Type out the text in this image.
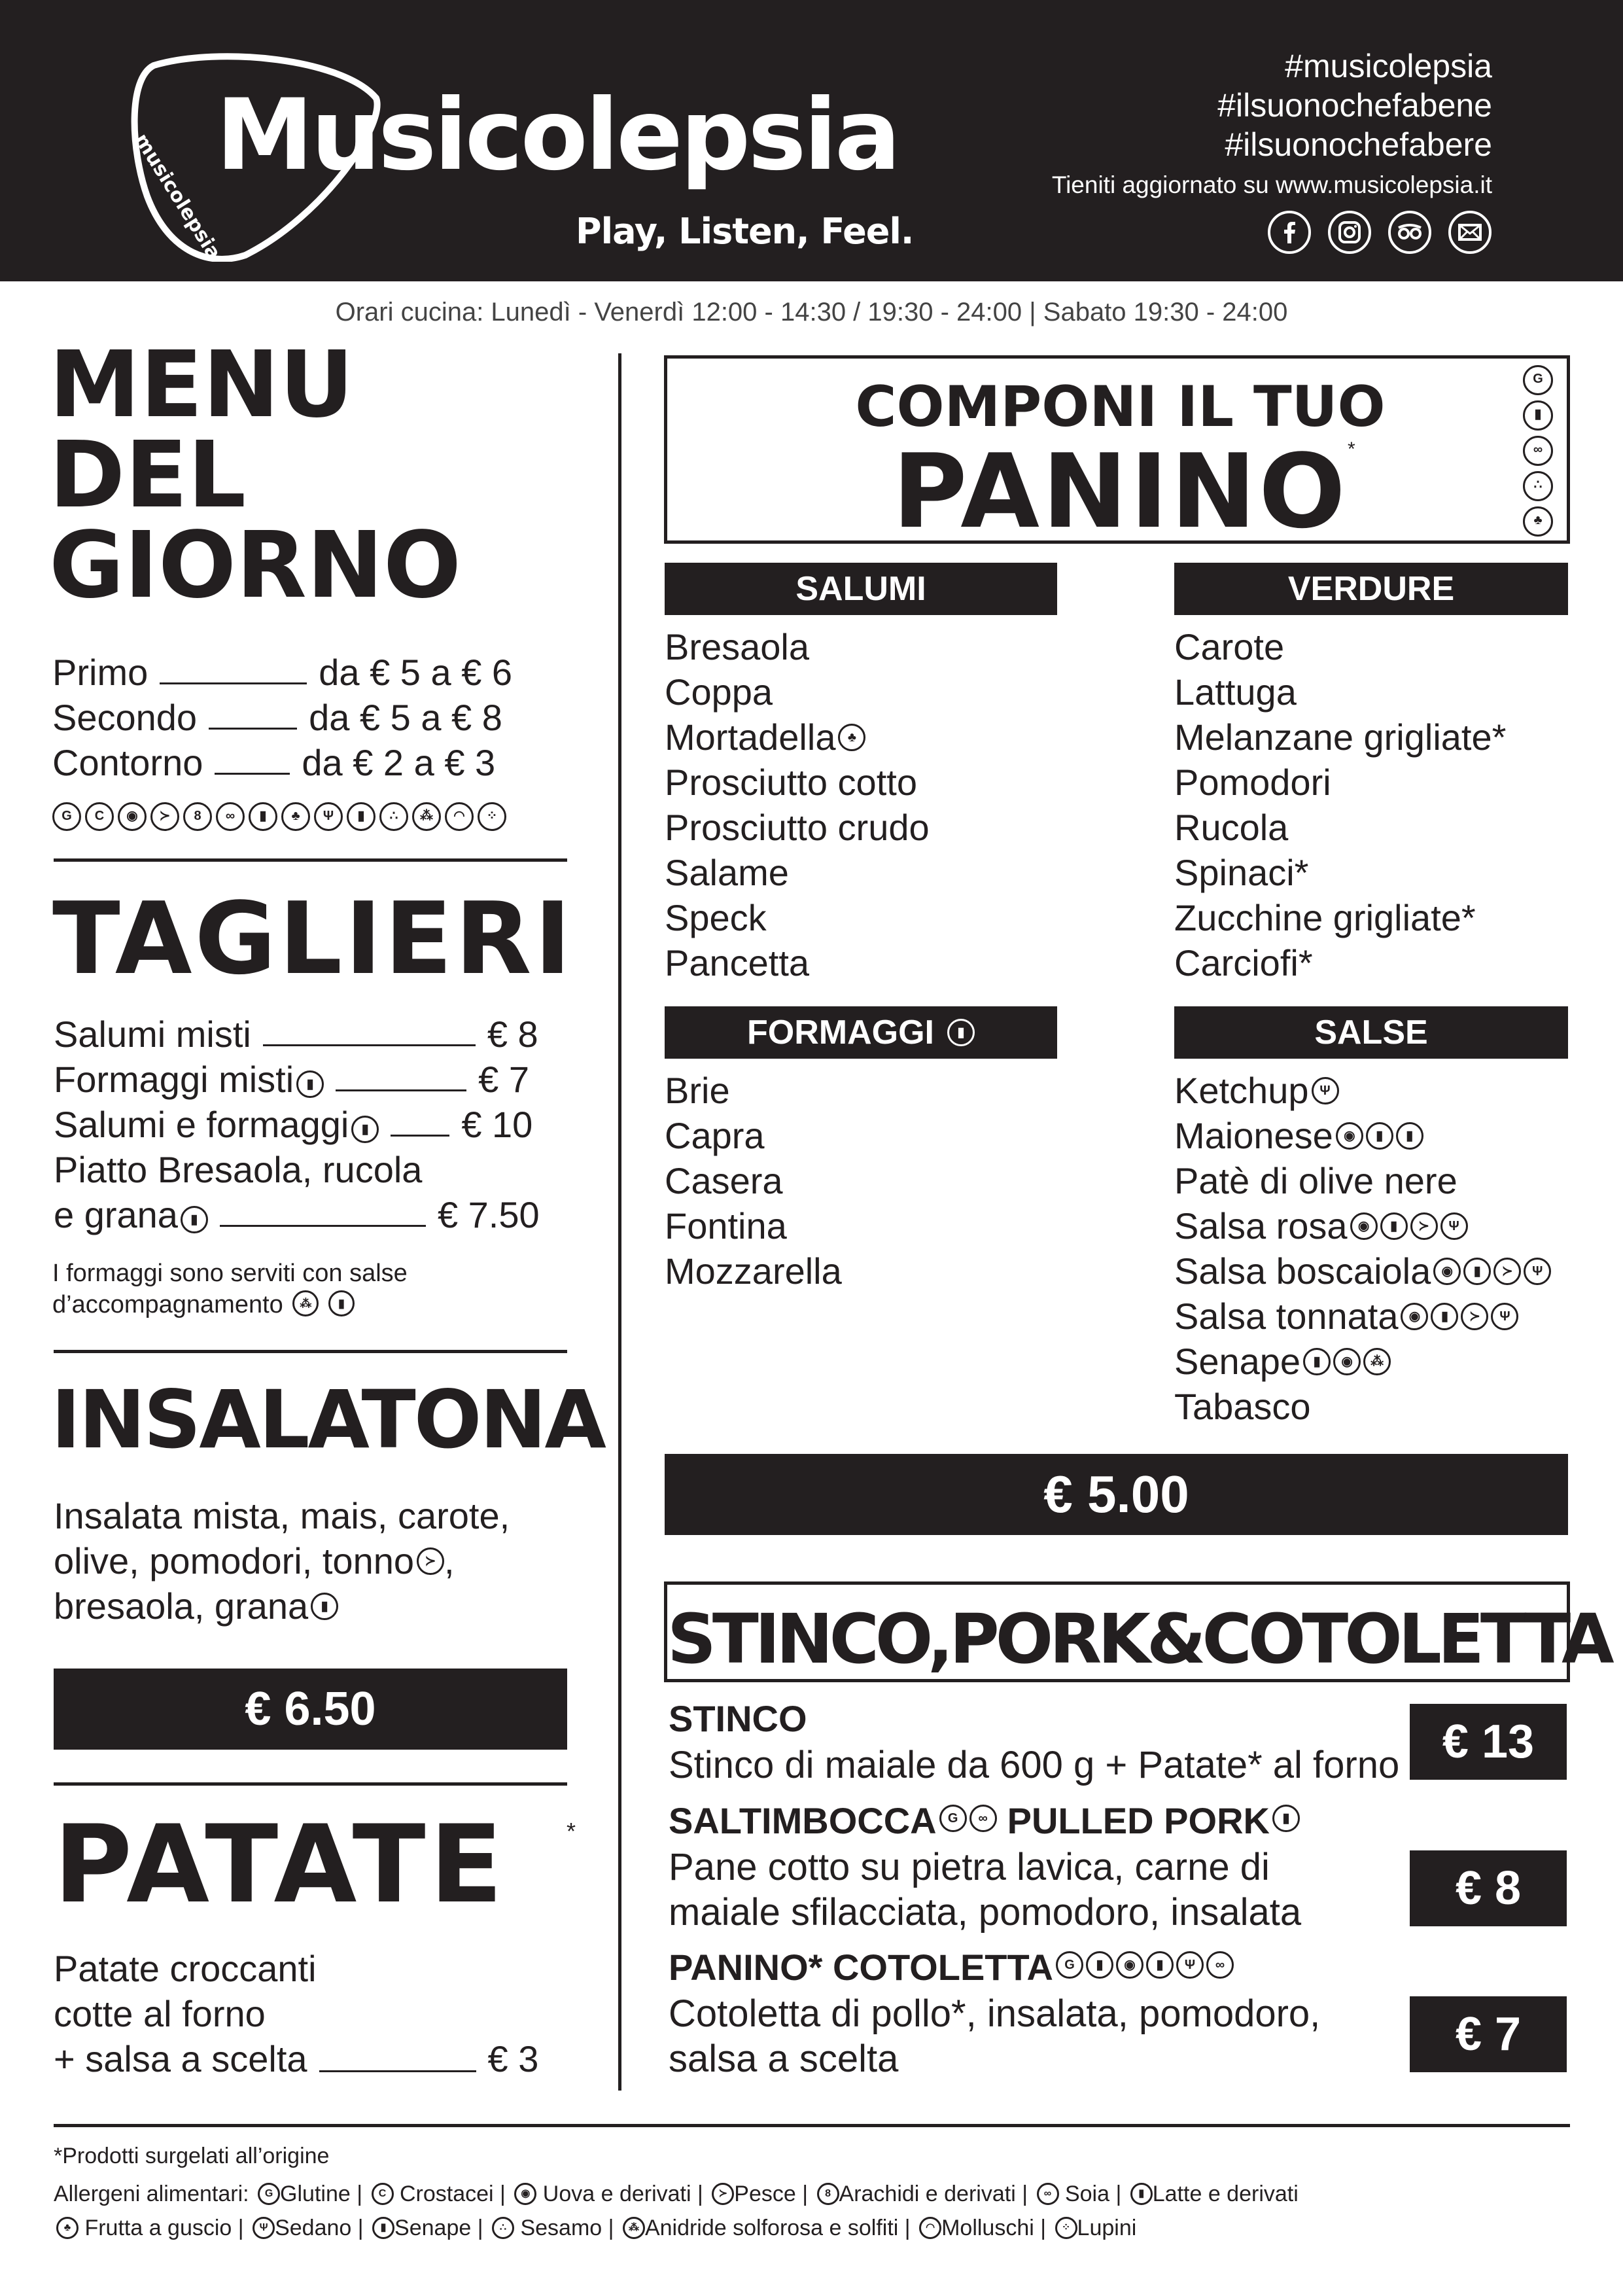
musicolepsia
Musicolepsia
Play, Listen, Feel.
#musicolepsia
#ilsuonochefabene
#ilsuonochefabere
Tieniti aggiornato su www.musicolepsia.it
Orari cucina: Lunedì - Venerdì 12:00 - 14:30 / 19:30 - 24:00 | Sabato 19:30 - 24:00
MENU
DEL
GIORNO
Primo	da € 5 a € 6
Secondo	da € 5 a € 8
Contorno	da € 2 a € 3
G	C	◉	≻	8	∞	▮	♣	Ψ	▮	∴	⁂	◠	⁘
TAGLIERI
Salumi misti	€ 8
Formaggi misti ▮	€ 7
Salumi e formaggi ▮	€ 10
Piatto Bresaola, rucola
e grana ▮	€ 7.50
I formaggi sono serviti con salse
d’accompagnamento ⁂ ▮
INSALATONA
Insalata mista, mais, carote,
olive, pomodori, tonno ≻ ,
bresaola, grana ▮
€ 6.50
PATATE	*
Patate croccanti
cotte al forno
+ salsa a scelta	€ 3
COMPONI IL TUO
PANINO *
G
▮
∞
∴
♣
SALUMI
Bresaola
Coppa
Mortadella ♣
Prosciutto cotto
Prosciutto crudo
Salame
Speck
Pancetta
VERDURE
Carote
Lattuga
Melanzane grigliate*
Pomodori
Rucola
Spinaci*
Zucchine grigliate*
Carciofi*
FORMAGGI	▮
Brie
Capra
Casera
Fontina
Mozzarella
SALSE
Ketchup Ψ
Maionese ◉ ▮ ▮
Patè di olive nere
Salsa rosa ◉ ▮ ≻ Ψ
Salsa boscaiola ◉ ▮ ≻ Ψ
Salsa tonnata ◉ ▮ ≻ Ψ
Senape ▮ ◉ ⁂
Tabasco
€ 5.00
STINCO,PORK&COTOLETTA
STINCO
Stinco di maiale da 600 g + Patate* al forno € 13
SALTIMBOCCA G	∞ PULLED PORK ▮
Pane cotto su pietra lavica, carne di
maiale sfilacciata, pomodoro, insalata	€ 8
PANINO* COTOLETTA G	▮	◉	▮	Ψ	∞
Cotoletta di pollo*, insalata, pomodoro,
salsa a scelta	€ 7
*Prodotti surgelati all’origine
Allergeni alimentari: G Glutine | C Crostacei | ◉ Uova e derivati | ≻ Pesce | 8 Arachidi e derivati | ∞ Soia | ▮ Latte e derivati
♣ Frutta a guscio | Ψ Sedano | ▮ Senape | ∴ Sesamo | ⁂ Anidride solforosa e solfiti | ◠ Molluschi | ⁘ Lupini
